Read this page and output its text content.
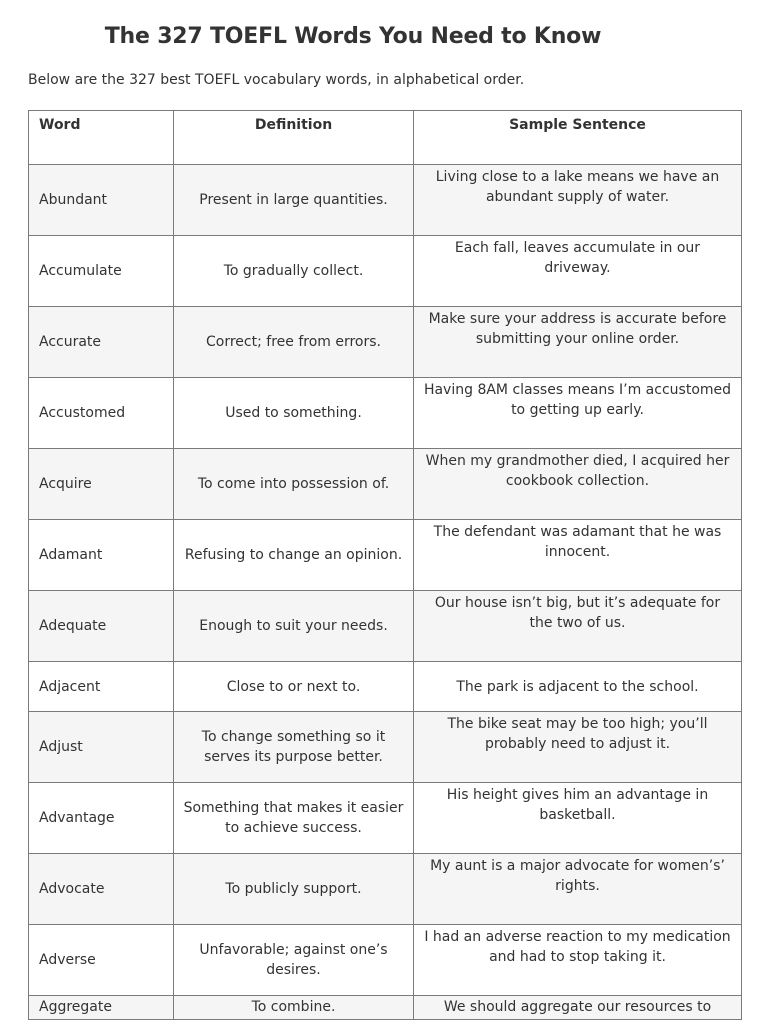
The 327 TOEFL Words You Need to Know
Below are the 327 best TOEFL vocabulary words, in alphabetical order.
Word	Definition	Sample Sentence
Abundant	Present in large quantities.	Living close to a lake means we have an abundant supply of water.
Accumulate	To gradually collect.	Each fall, leaves accumulate in our driveway.
Accurate	Correct; free from errors.	Make sure your address is accurate before submitting your online order.
Accustomed	Used to something.	Having 8AM classes means I’m accustomed to getting up early.
Acquire	To come into possession of.	When my grandmother died, I acquired her cookbook collection.
Adamant	Refusing to change an opinion.	The defendant was adamant that he was innocent.
Adequate	Enough to suit your needs.	Our house isn’t big, but it’s adequate for the two of us.
Adjacent	Close to or next to.	The park is adjacent to the school.
Adjust	To change something so it serves its purpose better.	The bike seat may be too high; you’ll probably need to adjust it.
Advantage	Something that makes it easier to achieve success.	His height gives him an advantage in basketball.
Advocate	To publicly support.	My aunt is a major advocate for women’s’ rights.
Adverse	Unfavorable; against one’s desires.	I had an adverse reaction to my medication and had to stop taking it.
Aggregate	To combine.	We should aggregate our resources to
